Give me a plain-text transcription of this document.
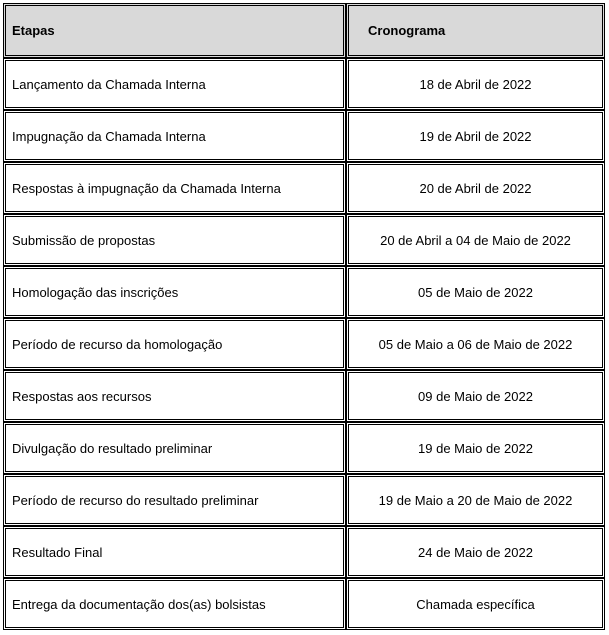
Etapas	Cronograma
Lançamento da Chamada Interna	18 de Abril de 2022
Impugnação da Chamada Interna	19 de Abril de 2022
Respostas à impugnação da Chamada Interna	20 de Abril de 2022
Submissão de propostas	20 de Abril a 04 de Maio de 2022
Homologação das inscrições	05 de Maio de 2022
Período de recurso da homologação	05 de Maio a 06 de Maio de 2022
Respostas aos recursos	09 de Maio de 2022
Divulgação do resultado preliminar	19 de Maio de 2022
Período de recurso do resultado preliminar	19 de Maio a 20 de Maio de 2022
Resultado Final	24 de Maio de 2022
Entrega da documentação dos(as) bolsistas	Chamada específica
